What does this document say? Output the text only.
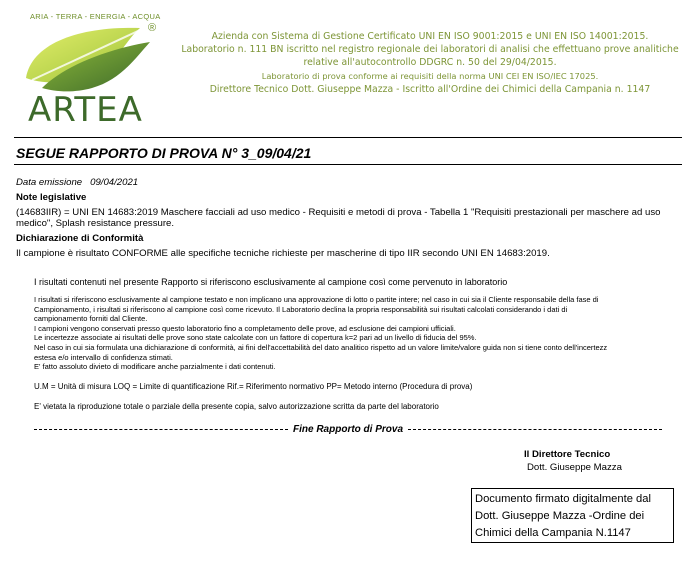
ARIA - TERRA - ENERGIA - ACQUA
®
ARTEA
Azienda con Sistema di Gestione Certificato UNI EN ISO 9001:2015 e UNI EN ISO 14001:2015.
Laboratorio n. 111 BN iscritto nel registro regionale dei laboratori di analisi che effettuano prove analitiche
relative all'autocontrollo DDGRC n. 50 del 29/04/2015.
Laboratorio di prova conforme ai requisiti della norma UNI CEI EN ISO/IEC 17025.
Direttore Tecnico Dott. Giuseppe Mazza - Iscritto all'Ordine dei Chimici della Campania n. 1147
SEGUE RAPPORTO DI PROVA N° 3_09/04/21
Data emissione 09/04/2021
Note legislative
(14683IIR) = UNI EN 14683:2019 Maschere facciali ad uso medico - Requisiti e metodi di prova - Tabella 1 "Requisiti prestazionali per maschere ad uso
medico", Splash resistance pressure.
Dichiarazione di Conformità
Il campione è risultato CONFORME alle specifiche tecniche richieste per mascherine di tipo IIR secondo UNI EN 14683:2019.
I risultati contenuti nel presente Rapporto si riferiscono esclusivamente al campione così come pervenuto in laboratorio
I risultati si riferiscono esclusivamente al campione testato e non implicano una approvazione di lotto o partite intere; nel caso in cui sia il Cliente responsabile della fase di
Campionamento, i risultati si riferiscono al campione così come ricevuto. Il Laboratorio declina la propria responsabilità sui risultati calcolati considerando i dati di
campionamento forniti dal Cliente.
I campioni vengono conservati presso questo laboratorio fino a completamento delle prove, ad esclusione dei campioni ufficiali.
Le incertezze associate ai risultati delle prove sono state calcolate con un fattore di copertura k=2 pari ad un livello di fiducia del 95%.
Nel caso in cui sia formulata una dichiarazione di conformità, ai fini dell'accettabilità del dato analitico rispetto ad un valore limite/valore guida non si tiene conto dell'incertezz
estesa e/o intervallo di confidenza stimati.
E' fatto assoluto divieto di modificare anche parzialmente i dati contenuti.
U.M = Unità di misura LOQ = Limite di quantificazione Rif.= Riferimento normativo PP= Metodo interno (Procedura di prova)
E' vietata la riproduzione totale o parziale della presente copia, salvo autorizzazione scritta da parte del laboratorio
Fine Rapporto di Prova
Il Direttore Tecnico
Dott. Giuseppe Mazza
Documento firmato digitalmente dal
Dott. Giuseppe Mazza -Ordine dei
Chimici della Campania N.1147
